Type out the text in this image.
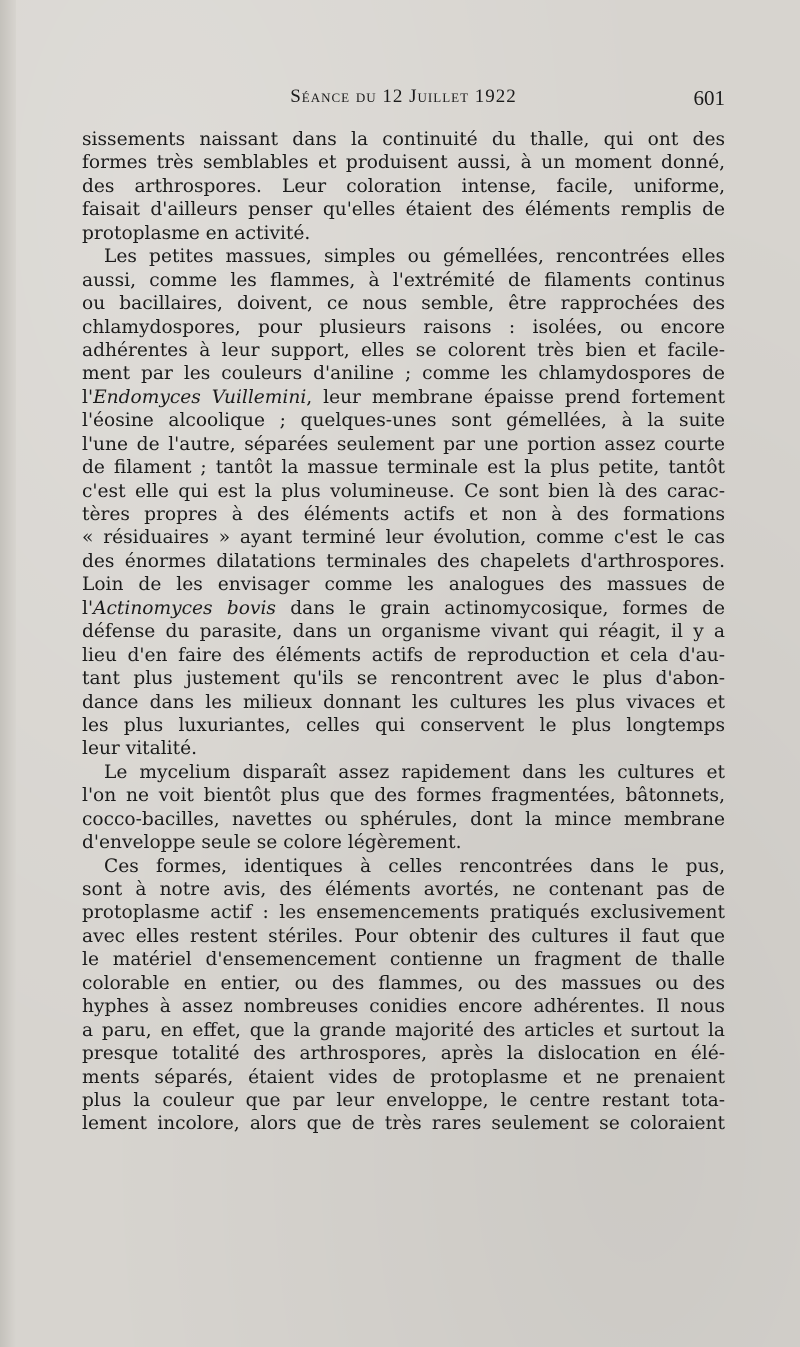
Séance du 12 Juillet 1922	601
sissements naissant dans la continuité du thalle, qui ont des
formes très semblables et produisent aussi, à un moment donné,
des arthrospores. Leur coloration intense, facile, uniforme,
faisait d'ailleurs penser qu'elles étaient des éléments remplis de
protoplasme en activité.
Les petites massues, simples ou gémellées, rencontrées elles
aussi, comme les flammes, à l'extrémité de filaments continus
ou bacillaires, doivent, ce nous semble, être rapprochées des
chlamydospores, pour plusieurs raisons : isolées, ou encore
adhérentes à leur support, elles se colorent très bien et facile-
ment par les couleurs d'aniline ; comme les chlamydospores de
l'Endomyces Vuillemini, leur membrane épaisse prend fortement
l'éosine alcoolique ; quelques-unes sont gémellées, à la suite
l'une de l'autre, séparées seulement par une portion assez courte
de filament ; tantôt la massue terminale est la plus petite, tantôt
c'est elle qui est la plus volumineuse. Ce sont bien là des carac-
tères propres à des éléments actifs et non à des formations
« résiduaires » ayant terminé leur évolution, comme c'est le cas
des énormes dilatations terminales des chapelets d'arthrospores.
Loin de les envisager comme les analogues des massues de
l'Actinomyces bovis dans le grain actinomycosique, formes de
défense du parasite, dans un organisme vivant qui réagit, il y a
lieu d'en faire des éléments actifs de reproduction et cela d'au-
tant plus justement qu'ils se rencontrent avec le plus d'abon-
dance dans les milieux donnant les cultures les plus vivaces et
les plus luxuriantes, celles qui conservent le plus longtemps
leur vitalité.
Le mycelium disparaît assez rapidement dans les cultures et
l'on ne voit bientôt plus que des formes fragmentées, bâtonnets,
cocco-bacilles, navettes ou sphérules, dont la mince membrane
d'enveloppe seule se colore légèrement.
Ces formes, identiques à celles rencontrées dans le pus,
sont à notre avis, des éléments avortés, ne contenant pas de
protoplasme actif : les ensemencements pratiqués exclusivement
avec elles restent stériles. Pour obtenir des cultures il faut que
le matériel d'ensemencement contienne un fragment de thalle
colorable en entier, ou des flammes, ou des massues ou des
hyphes à assez nombreuses conidies encore adhérentes. Il nous
a paru, en effet, que la grande majorité des articles et surtout la
presque totalité des arthrospores, après la dislocation en élé-
ments séparés, étaient vides de protoplasme et ne prenaient
plus la couleur que par leur enveloppe, le centre restant tota-
lement incolore, alors que de très rares seulement se coloraient
